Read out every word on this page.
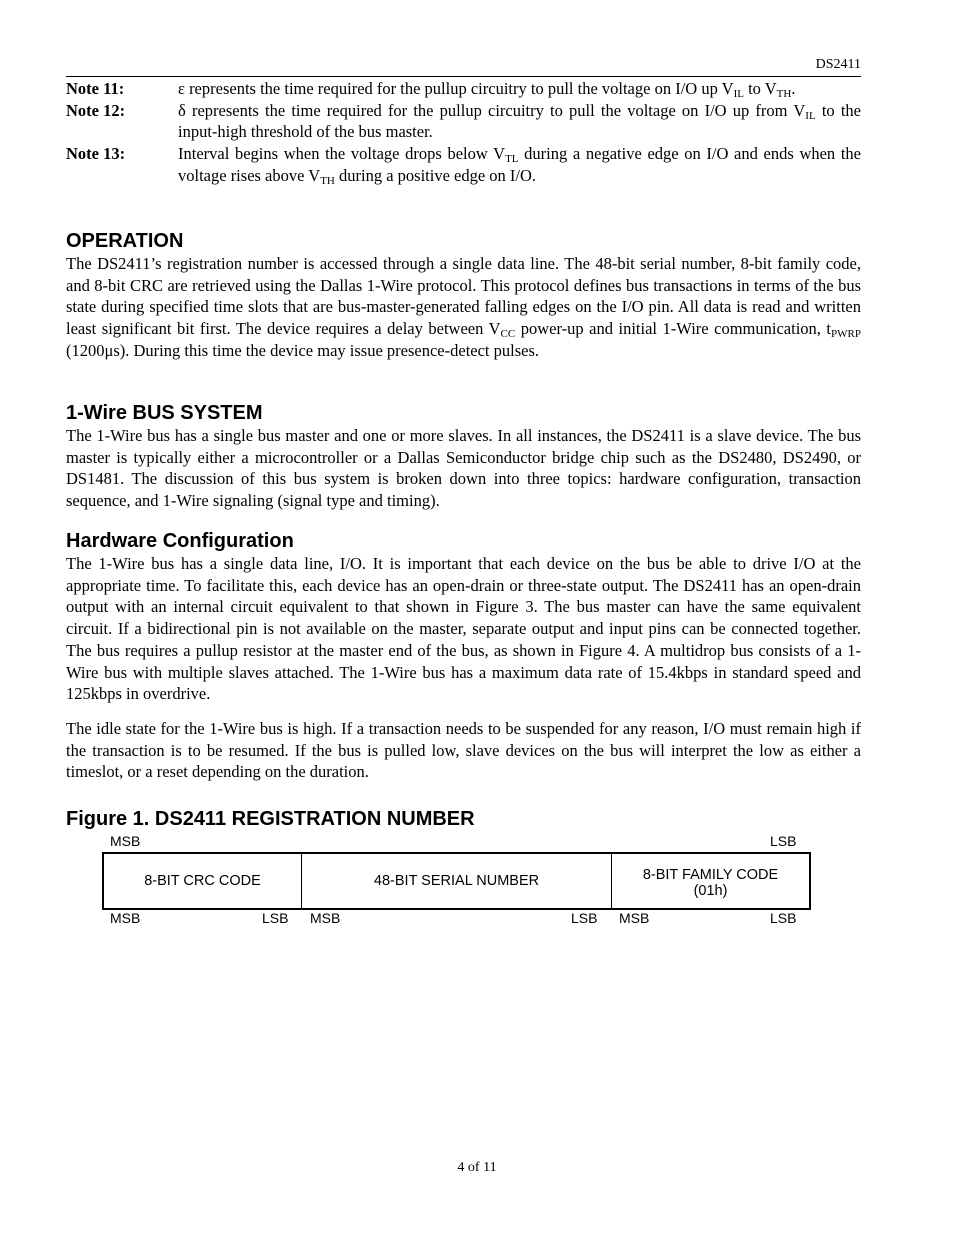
DS2411
Note 11:	ε represents the time required for the pullup circuitry to pull the voltage on I/O up $V_{IL}$ to $V_{TH}$.
Note 12:	δ represents the time required for the pullup circuitry to pull the voltage on I/O up from $V_{IL}$ to the input-high threshold of the bus master.
Note 13:	Interval begins when the voltage drops below $V_{TL}$ during a negative edge on I/O and ends when the voltage rises above $V_{TH}$ during a positive edge on I/O.
OPERATION

The DS2411’s registration number is accessed through a single data line. The 48-bit serial number, 8-bit family code, and 8-bit CRC are retrieved using the Dallas 1-Wire protocol. This protocol defines bus transactions in terms of the bus state during specified time slots that are bus-master-generated falling edges on the I/O pin. All data is read and written least significant bit first. The device requires a delay between $V_{CC}$ power-up and initial 1-Wire communication, $t_{PWRP}$ (1200μs). During this time the device may issue presence-detect pulses.

1-Wire BUS SYSTEM

The 1-Wire bus has a single bus master and one or more slaves. In all instances, the DS2411 is a slave device. The bus master is typically either a microcontroller or a Dallas Semiconductor bridge chip such as the DS2480, DS2490, or DS1481. The discussion of this bus system is broken down into three topics: hardware configuration, transaction sequence, and 1-Wire signaling (signal type and timing).

Hardware Configuration

The 1-Wire bus has a single data line, I/O. It is important that each device on the bus be able to drive I/O at the appropriate time. To facilitate this, each device has an open-drain or three-state output. The DS2411 has an open-drain output with an internal circuit equivalent to that shown in Figure 3. The bus master can have the same equivalent circuit. If a bidirectional pin is not available on the master, separate output and input pins can be connected together. The bus requires a pullup resistor at the master end of the bus, as shown in Figure 4. A multidrop bus consists of a 1-Wire bus with multiple slaves attached. The 1-Wire bus has a maximum data rate of 15.4kbps in standard speed and 125kbps in overdrive.

The idle state for the 1-Wire bus is high. If a transaction needs to be suspended for any reason, I/O must remain high if the transaction is to be resumed. If the bus is pulled low, slave devices on the bus will interpret the low as either a timeslot, or a reset depending on the duration.

Figure 1. DS2411 REGISTRATION NUMBER
MSB	LSB
8-BIT CRC CODE	48-BIT SERIAL NUMBER	8-BIT FAMILY CODE
(01h)
MSB	LSB MSB	LSB MSB	LSB
4 of 11
